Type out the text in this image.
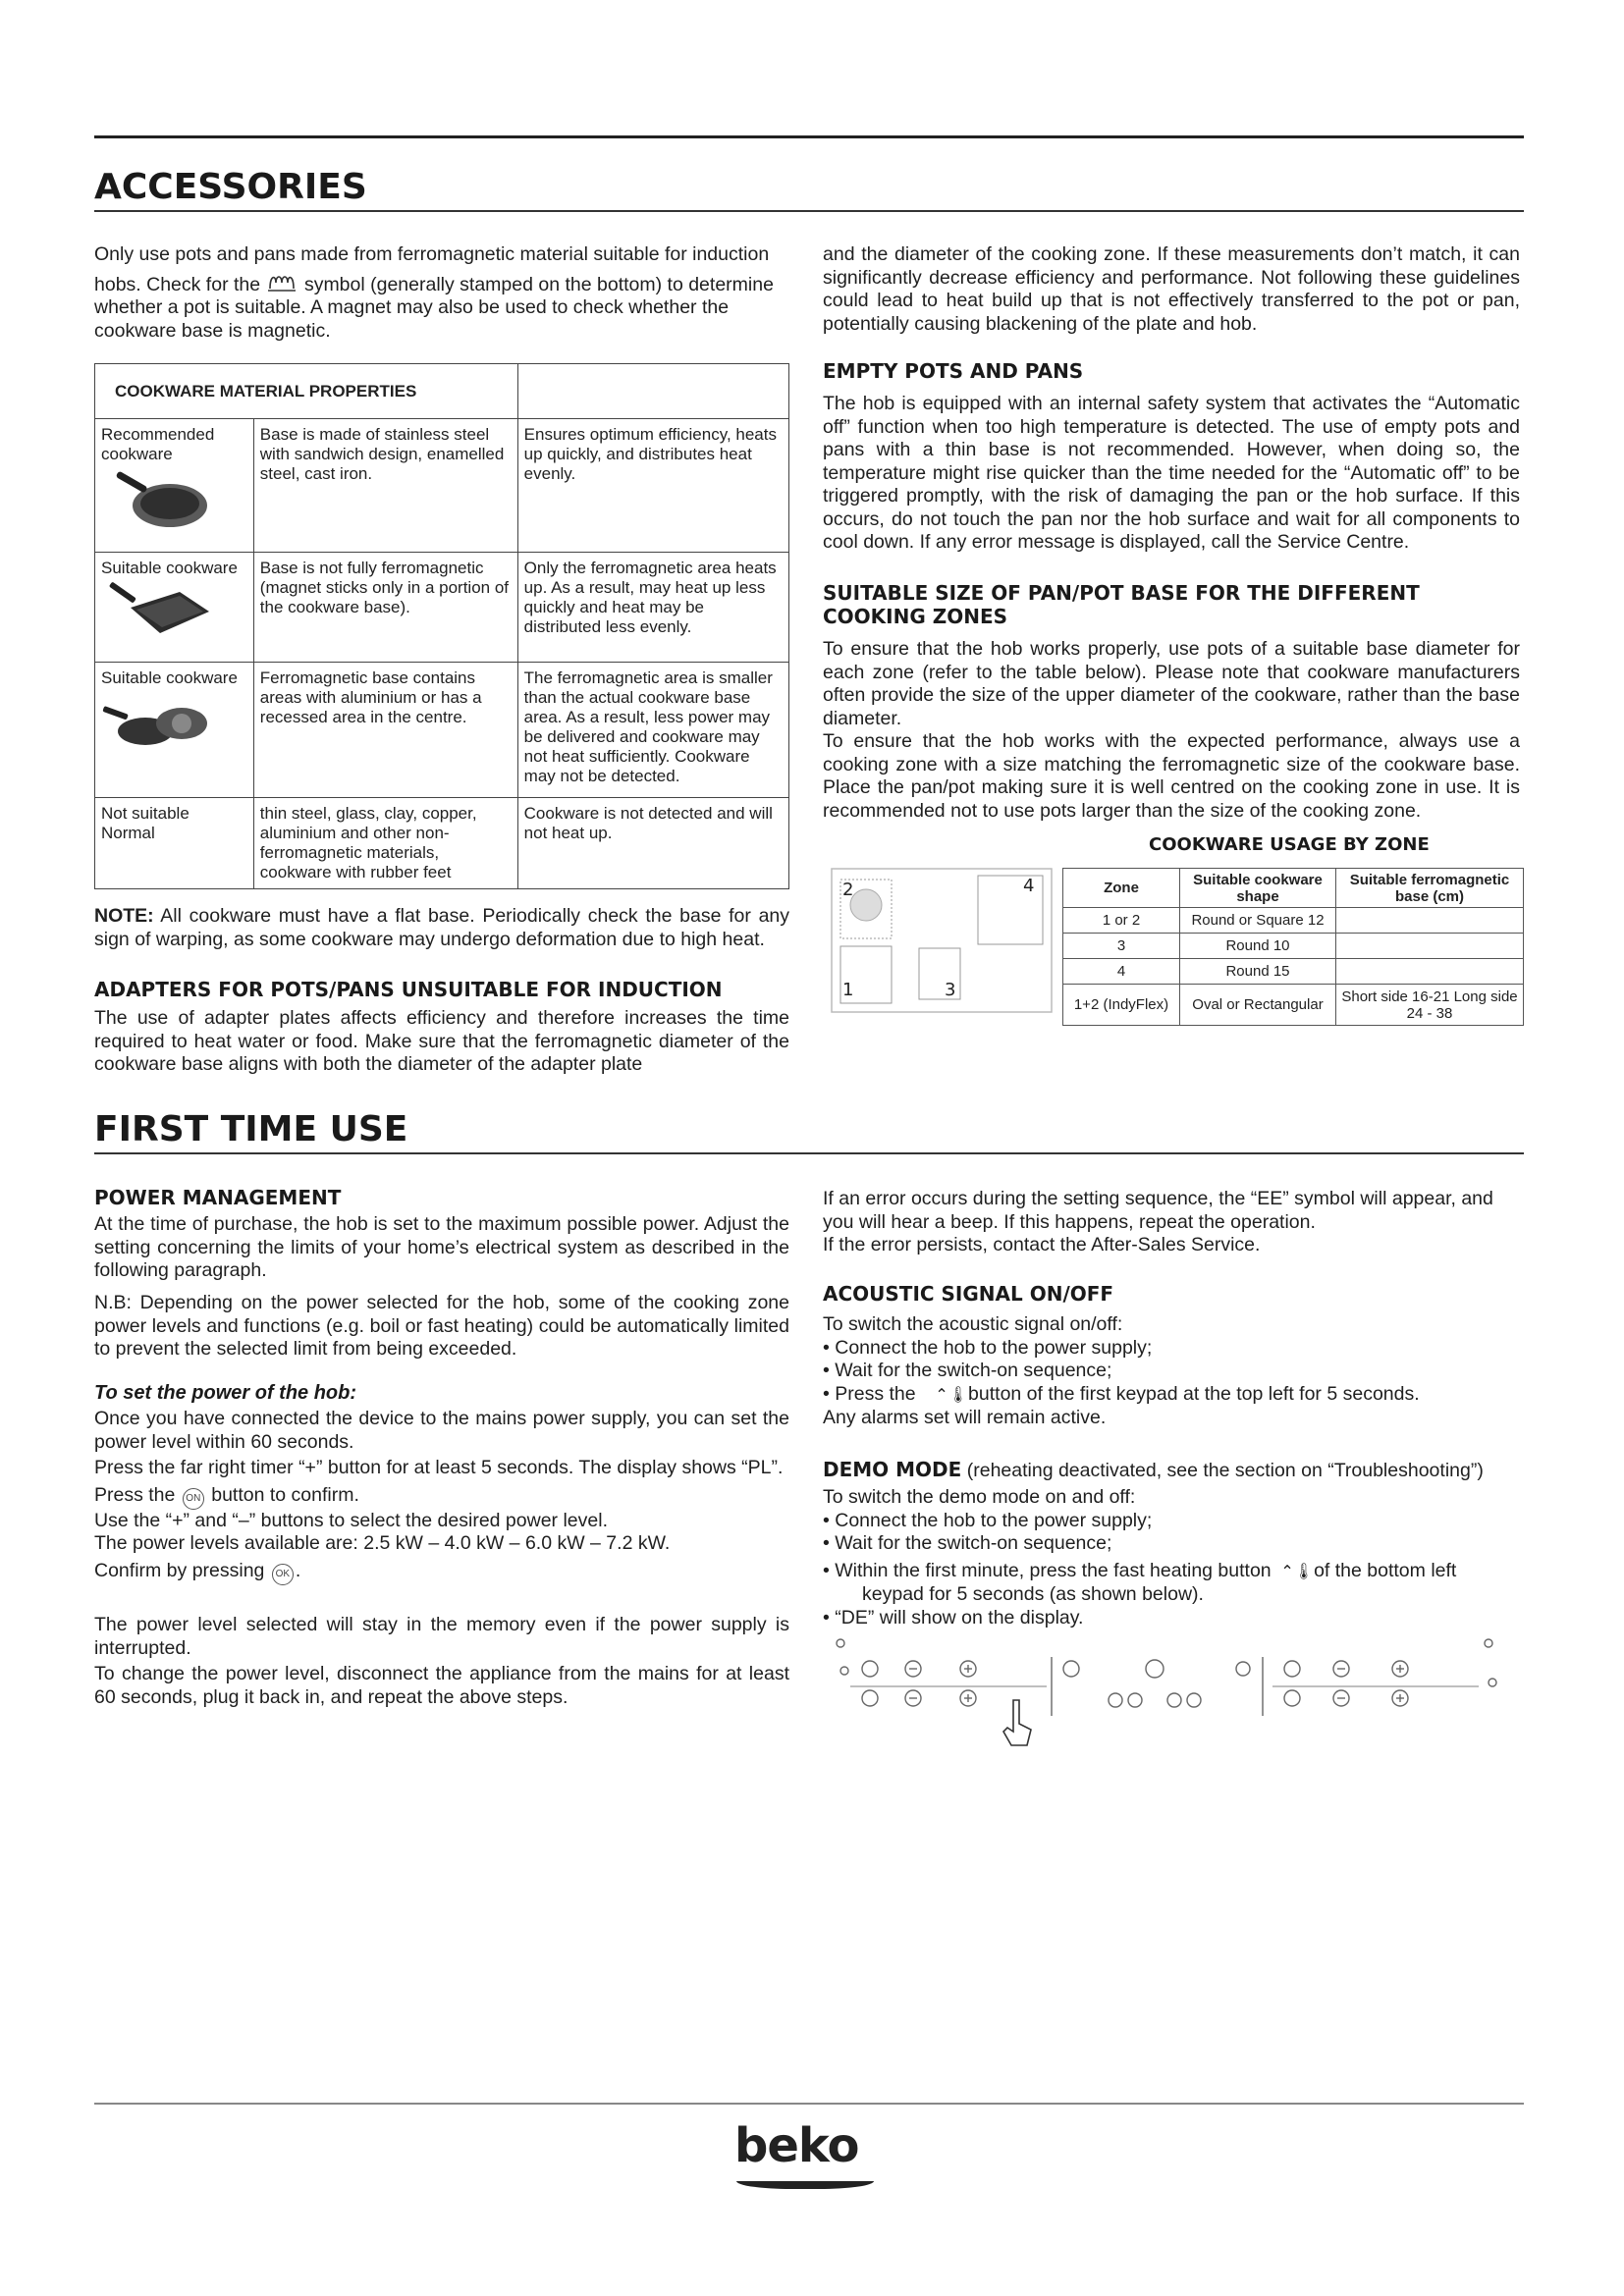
ACCESSORIES
Only use pots and pans made from ferromagnetic material suitable for induction
hobs. Check for the symbol (generally stamped on the bottom) to determine
whether a pot is suitable. A magnet may also be used to check whether the
cookware base is magnetic.
COOKWARE MATERIAL PROPERTIES		

Recommended cookware	Base is made of stainless steel with sandwich design, enamelled steel, cast iron.	Ensures optimum efficiency, heats up quickly, and distributes heat evenly.

Suitable cookware	Base is not fully ferromagnetic (magnet sticks only in a portion of the cookware base).	Only the ferromagnetic area heats up. As a result, may heat up less quickly and heat may be distributed less evenly.

Suitable cookware	Ferromagnetic base contains areas with aluminium or has a recessed area in the centre.	The ferromagnetic area is smaller than the actual cookware base area. As a result, less power may be delivered and cookware may not heat sufficiently. Cookware may not be detected.
Not suitable Normal	thin steel, glass, clay, copper, aluminium and other non-ferromagnetic materials, cookware with rubber feet	Cookware is not detected and will not heat up.
NOTE: All cookware must have a flat base. Periodically check the base for any sign of warping, as some cookware may undergo deformation due to high heat.
ADAPTERS FOR POTS/PANS UNSUITABLE FOR INDUCTION
The use of adapter plates affects efficiency and therefore increases the time required to heat water or food. Make sure that the ferromagnetic diameter of the cookware base aligns with both the diameter of the adapter plate
and the diameter of the cooking zone. If these measurements don’t match, it can significantly decrease efficiency and performance. Not following these guidelines could lead to heat build up that is not effectively transferred to the pot or pan, potentially causing blackening of the plate and hob.
EMPTY POTS AND PANS
The hob is equipped with an internal safety system that activates the “Automatic off” function when too high temperature is detected. The use of empty pots and pans with a thin base is not recommended. However, when doing so, the temperature might rise quicker than the time needed for the “Automatic off” to be triggered promptly, with the risk of damaging the pan or the hob surface. If this occurs, do not touch the pan nor the hob surface and wait for all components to cool down. If any error message is displayed, call the Service Centre.
SUITABLE SIZE OF PAN/POT BASE FOR THE DIFFERENT COOKING ZONES
To ensure that the hob works properly, use pots of a suitable base diameter for each zone (refer to the table below). Please note that cookware manufacturers often provide the size of the upper diameter of the cookware, rather than the base diameter.
To ensure that the hob works with the expected performance, always use a cooking zone with a size matching the ferromagnetic size of the cookware base. Place the pan/pot making sure it is well centred on the cooking zone in use. It is recommended not to use pots larger than the size of the cooking zone.
COOKWARE USAGE BY ZONE
2	4
1	3
Zone	Suitable cookware shape	Suitable ferromagnetic base (cm)
1 or 2	Round or Square 12	
3	Round 10	
4	Round 15	
1+2 (IndyFlex)	Oval or Rectangular	Short side 16-21 Long side 24 - 38
FIRST TIME USE
POWER MANAGEMENT
At the time of purchase, the hob is set to the maximum possible power. Adjust the setting concerning the limits of your home’s electrical system as described in the following paragraph.
N.B: Depending on the power selected for the hob, some of the cooking zone power levels and functions (e.g. boil or fast heating) could be automatically limited to prevent the selected limit from being exceeded.
To set the power of the hob:
Once you have connected the device to the mains power supply, you can set the power level within 60 seconds.
Press the far right timer “+” button for at least 5 seconds. The display shows “PL”.
Press the ON button to confirm.
Use the “+” and “–” buttons to select the desired power level.
The power levels available are: 2.5 kW – 4.0 kW – 6.0 kW – 7.2 kW.
Confirm by pressing OK .
The power level selected will stay in the memory even if the power supply is interrupted.
To change the power level, disconnect the appliance from the mains for at least 60 seconds, plug it back in, and repeat the above steps.
If an error occurs during the setting sequence, the “EE” symbol will appear, and
you will hear a beep. If this happens, repeat the operation.
If the error persists, contact the After-Sales Service.
ACOUSTIC SIGNAL ON/OFF
To switch the acoustic signal on/off:
• Connect the hob to the power supply;
• Wait for the switch-on sequence;
• Press the ⌃🌡button of the first keypad at the top left for 5 seconds.
Any alarms set will remain active.
DEMO MODE (reheating deactivated, see the section on “Troubleshooting”)
To switch the demo mode on and off:
• Connect the hob to the power supply;
• Wait for the switch-on sequence;
• Within the first minute, press the fast heating button ⌃🌡of the bottom left
keypad for 5 seconds (as shown below).
• “DE” will show on the display.
beko
